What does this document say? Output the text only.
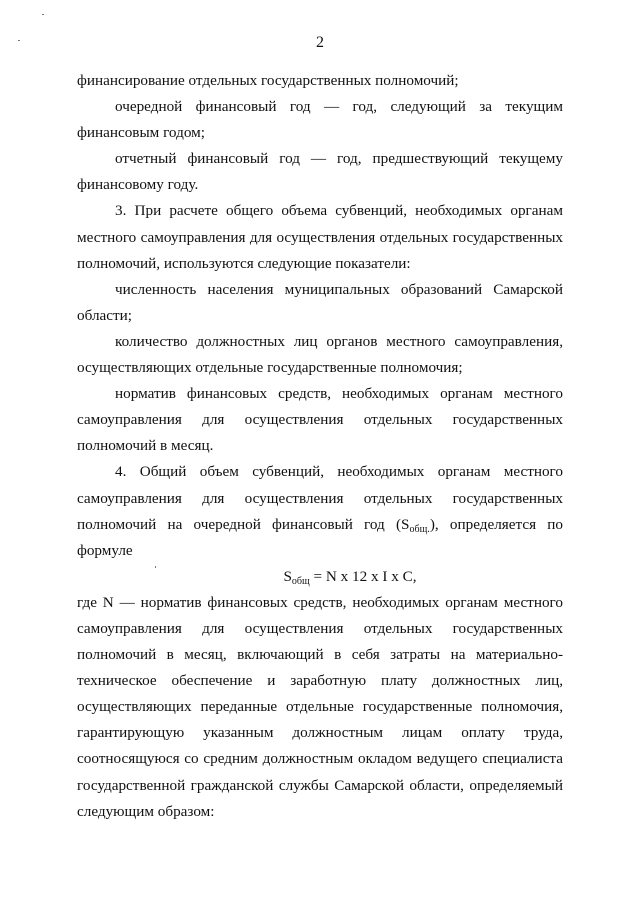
2

финансирование отдельных государственных полномочий;

очередной финансовый год — год, следующий за текущим финансовым годом;

отчетный финансовый год — год, предшествующий текущему финансовому году.

3. При расчете общего объема субвенций, необходимых органам местного самоуправления для осуществления отдельных государственных полномочий, используются следующие показатели:

численность населения муниципальных образований Самарской области;

количество должностных лиц органов местного самоуправления, осуществляющих отдельные государственные полномочия;

норматив финансовых средств, необходимых органам местного самоуправления для осуществления отдельных государственных полномочий в месяц.

4. Общий объем субвенций, необходимых органам местного самоуправления для осуществления отдельных государственных полномочий на очередной финансовый год $(S_{общ.})$, определяется по формуле

$S_{общ} = N$ x 12 x I x C,

где N — норматив финансовых средств, необходимых органам местного самоуправления для осуществления отдельных государственных полномочий в месяц, включающий в себя затраты на материально-техническое обеспечение и заработную плату должностных лиц, осуществляющих переданные отдельные государственные полномочия, гарантирующую указанным должностным лицам оплату труда, соотносящуюся со средним должностным окладом ведущего специалиста государственной гражданской службы Самарской области, определяемый следующим образом:
